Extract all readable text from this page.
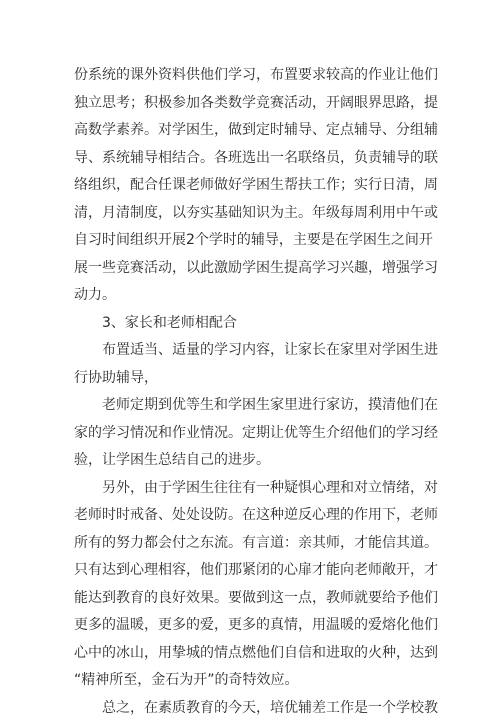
份系统的课外资料供他们学习，布置要求较高的作业让他们
独立思考；积极参加各类数学竞赛活动，开阔眼界思路，提
高数学素养。对学困生，做到定时辅导、定点辅导、分组辅
导、系统辅导相结合。各班选出一名联络员，负责辅导的联
络组织，配合任课老师做好学困生帮扶工作；实行日清，周
清，月清制度，以夯实基础知识为主。年级每周利用中午或
自习时间组织开展2个学时的辅导，主要是在学困生之间开
展一些竞赛活动，以此激励学困生提高学习兴趣，增强学习
动力。
3、家长和老师相配合
布置适当、适量的学习内容，让家长在家里对学困生进
行协助辅导，
老师定期到优等生和学困生家里进行家访，摸清他们在
家的学习情况和作业情况。定期让优等生介绍他们的学习经
验，让学困生总结自己的进步。
另外，由于学困生往往有一种疑惧心理和对立情绪，对
老师时时戒备、处处设防。在这种逆反心理的作用下，老师
所有的努力都会付之东流。有言道：亲其师，才能信其道。
只有达到心理相容，他们那紧闭的心扉才能向老师敞开，才
能达到教育的良好效果。要做到这一点，教师就要给予他们
更多的温暖，更多的爱，更多的真情，用温暖的爱熔化他们
心中的冰山，用挚城的情点燃他们自信和进取的火种，达到
“精神所至，金石为开”的奇特效应。
总之，在素质教育的今天，培优辅差工作是一个学校教
